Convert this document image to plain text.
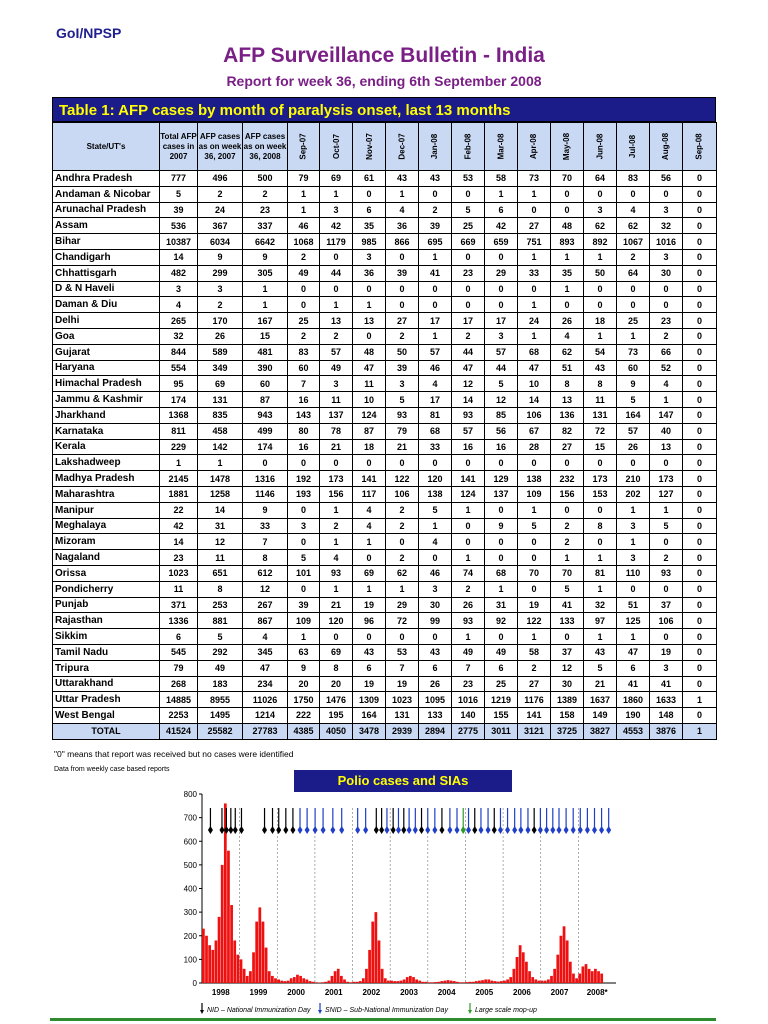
GoI/NPSP
AFP Surveillance Bulletin - India
Report for week 36, ending 6th September 2008
Table 1: AFP cases by month of paralysis onset, last 13 months
State/UT's	Total AFP cases in 2007	AFP cases as on week 36, 2007	AFP cases as on week 36, 2008	Sep-07	Oct-07	Nov-07	Dec-07	Jan-08	Feb-08	Mar-08	Apr-08	May-08	Jun-08	Jul-08	Aug-08	Sep-08
Andhra Pradesh	777	496	500	79	69	61	43	43	53	58	73	70	64	83	56	0
Andaman & Nicobar	5	2	2	1	1	0	1	0	0	1	1	0	0	0	0	0
Arunachal Pradesh	39	24	23	1	3	6	4	2	5	6	0	0	3	4	3	0
Assam	536	367	337	46	42	35	36	39	25	42	27	48	62	62	32	0
Bihar	10387	6034	6642	1068	1179	985	866	695	669	659	751	893	892	1067	1016	0
Chandigarh	14	9	9	2	0	3	0	1	0	0	1	1	1	2	3	0
Chhattisgarh	482	299	305	49	44	36	39	41	23	29	33	35	50	64	30	0
D & N Haveli	3	3	1	0	0	0	0	0	0	0	0	1	0	0	0	0
Daman & Diu	4	2	1	0	1	1	0	0	0	0	1	0	0	0	0	0
Delhi	265	170	167	25	13	13	27	17	17	17	24	26	18	25	23	0
Goa	32	26	15	2	2	0	2	1	2	3	1	4	1	1	2	0
Gujarat	844	589	481	83	57	48	50	57	44	57	68	62	54	73	66	0
Haryana	554	349	390	60	49	47	39	46	47	44	47	51	43	60	52	0
Himachal Pradesh	95	69	60	7	3	11	3	4	12	5	10	8	8	9	4	0
Jammu & Kashmir	174	131	87	16	11	10	5	17	14	12	14	13	11	5	1	0
Jharkhand	1368	835	943	143	137	124	93	81	93	85	106	136	131	164	147	0
Karnataka	811	458	499	80	78	87	79	68	57	56	67	82	72	57	40	0
Kerala	229	142	174	16	21	18	21	33	16	16	28	27	15	26	13	0
Lakshadweep	1	1	0	0	0	0	0	0	0	0	0	0	0	0	0	0
Madhya Pradesh	2145	1478	1316	192	173	141	122	120	141	129	138	232	173	210	173	0
Maharashtra	1881	1258	1146	193	156	117	106	138	124	137	109	156	153	202	127	0
Manipur	22	14	9	0	1	4	2	5	1	0	1	0	0	1	1	0
Meghalaya	42	31	33	3	2	4	2	1	0	9	5	2	8	3	5	0
Mizoram	14	12	7	0	1	1	0	4	0	0	0	2	0	1	0	0
Nagaland	23	11	8	5	4	0	2	0	1	0	0	1	1	3	2	0
Orissa	1023	651	612	101	93	69	62	46	74	68	70	70	81	110	93	0
Pondicherry	11	8	12	0	1	1	1	3	2	1	0	5	1	0	0	0
Punjab	371	253	267	39	21	19	29	30	26	31	19	41	32	51	37	0
Rajasthan	1336	881	867	109	120	96	72	99	93	92	122	133	97	125	106	0
Sikkim	6	5	4	1	0	0	0	0	1	0	1	0	1	1	0	0
Tamil Nadu	545	292	345	63	69	43	53	43	49	49	58	37	43	47	19	0
Tripura	79	49	47	9	8	6	7	6	7	6	2	12	5	6	3	0
Uttarakhand	268	183	234	20	20	19	19	26	23	25	27	30	21	41	41	0
Uttar Pradesh	14885	8955	11026	1750	1476	1309	1023	1095	1016	1219	1176	1389	1637	1860	1633	1
West Bengal	2253	1495	1214	222	195	164	131	133	140	155	141	158	149	190	148	0
TOTAL	41524	25582	27783	4385	4050	3478	2939	2894	2775	3011	3121	3725	3827	4553	3876	1
"0" means that report was received but no cases were identified
Data from weekly case based reports
Polio cases and SIAs
0
100
200
300
400
500
600
700
800
1998 1999 2000 2001 2002 2003 2004 2005 2006 2007 2008*
NID – National Immunization Day SNID – Sub-National Immunization Day	Large scale mop-up
